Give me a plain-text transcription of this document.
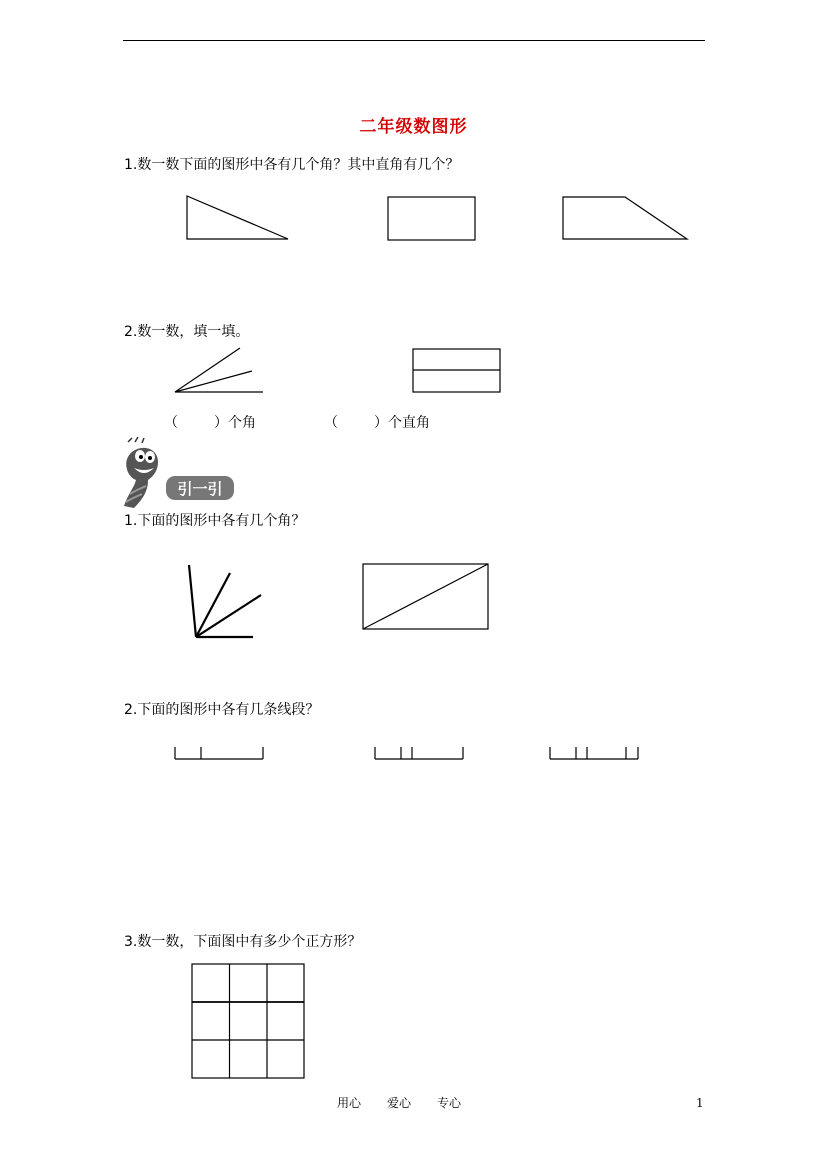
二年级数图形
1.数一数下面的图形中各有几个角？其中直角有几个？
2.数一数，填一填。
（	）个角	（	）个直角
引一引
1.下面的图形中各有几个角？
2.下面的图形中各有几条线段？
3.数一数，下面图中有多少个正方形？
用心 爱心 专心	1
